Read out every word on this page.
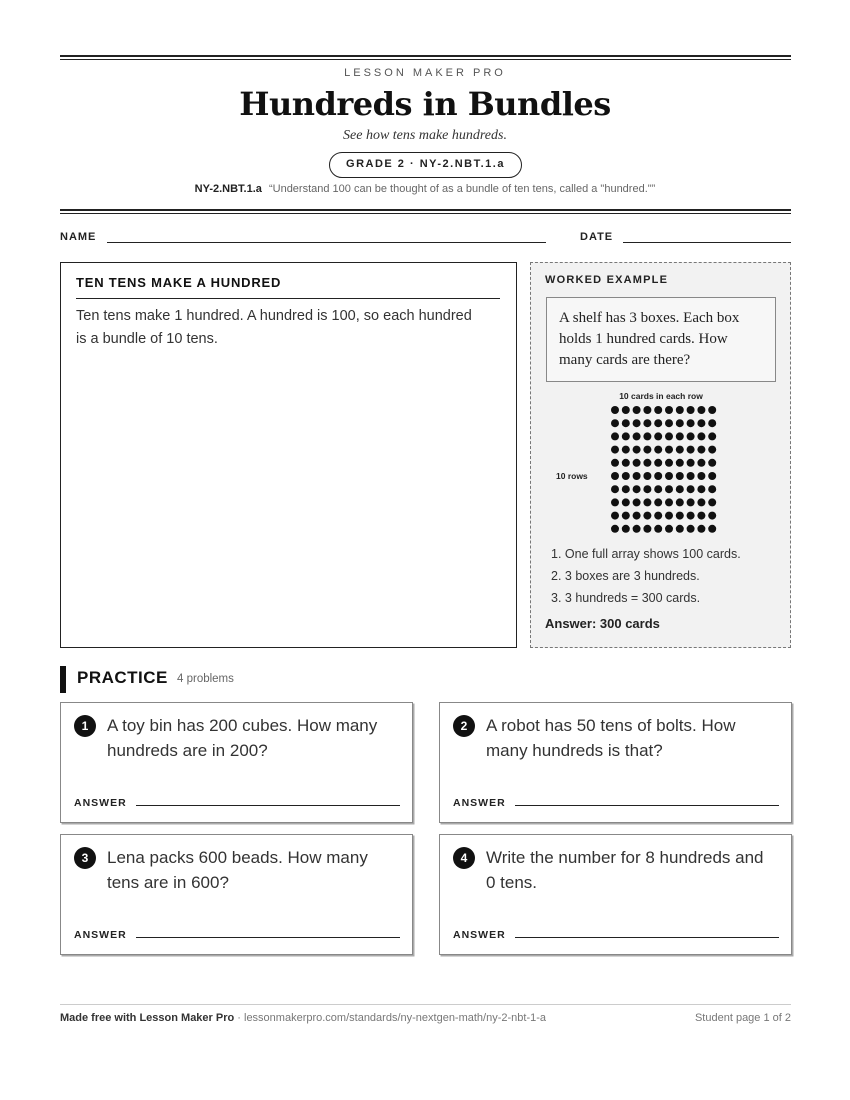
LESSON MAKER PRO
Hundreds in Bundles
See how tens make hundreds.
GRADE 2 · NY-2.NBT.1.a
NY-2.NBT.1.a “Understand 100 can be thought of as a bundle of ten tens, called a "hundred."”
NAME	DATE
TEN TENS MAKE A HUNDRED
Ten tens make 1 hundred. A hundred is 100, so each hundred is a bundle of 10 tens.
WORKED EXAMPLE
A shelf has 3 boxes. Each box holds 1 hundred cards. How many cards are there?
10 cards in each row
10 rows
1. One full array shows 100 cards.
2. 3 boxes are 3 hundreds.
3. 3 hundreds = 300 cards.
Answer: 300 cards
PRACTICE 4 problems
1	A toy bin has 200 cubes. How many hundreds are in 200?
ANSWER
2	A robot has 50 tens of bolts. How many hundreds is that?
ANSWER
3	Lena packs 600 beads. How many tens are in 600?
ANSWER
4	Write the number for 8 hundreds and 0 tens.
ANSWER
Made free with Lesson Maker Pro · lessonmakerpro.com/standards/ny-nextgen-math/ny-2-nbt-1-a	Student page 1 of 2
